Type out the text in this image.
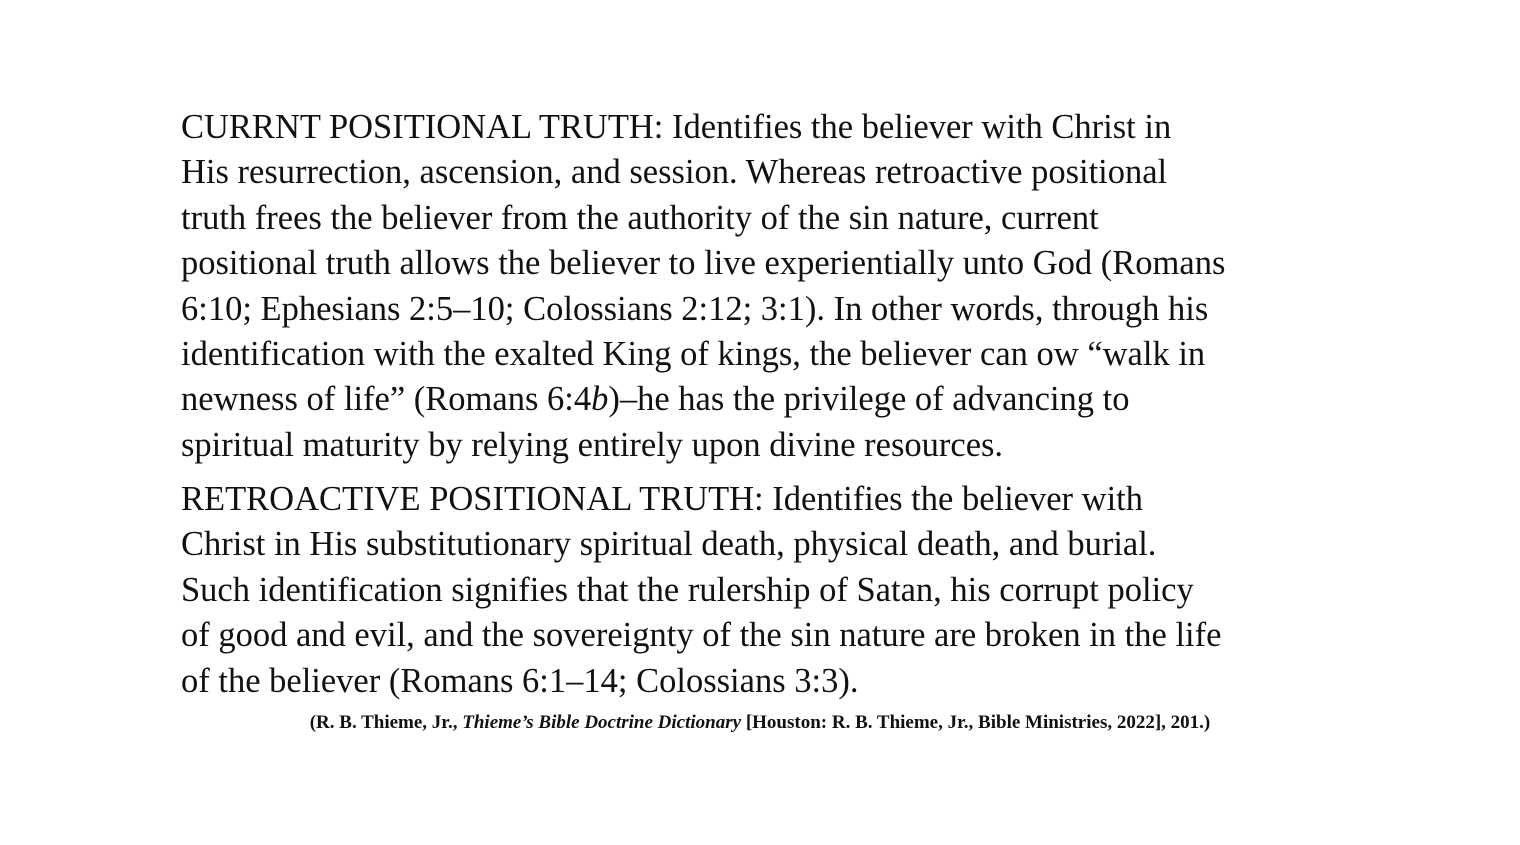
CURRNT POSITIONAL TRUTH: Identifies the believer with Christ in
His resurrection, ascension, and session. Whereas retroactive positional
truth frees the believer from the authority of the sin nature, current
positional truth allows the believer to live experientially unto God (Romans
6:10; Ephesians 2:5–10; Colossians 2:12; 3:1). In other words, through his
identification with the exalted King of kings, the believer can ow “walk in
newness of life” (Romans 6:4b)–he has the privilege of advancing to
spiritual maturity by relying entirely upon divine resources.

RETROACTIVE POSITIONAL TRUTH: Identifies the believer with
Christ in His substitutionary spiritual death, physical death, and burial.
Such identification signifies that the rulership of Satan, his corrupt policy
of good and evil, and the sovereignty of the sin nature are broken in the life
of the believer (Romans 6:1–14; Colossians 3:3).

(R. B. Thieme, Jr., Thieme’s Bible Doctrine Dictionary [Houston: R. B. Thieme, Jr., Bible Ministries, 2022], 201.)
